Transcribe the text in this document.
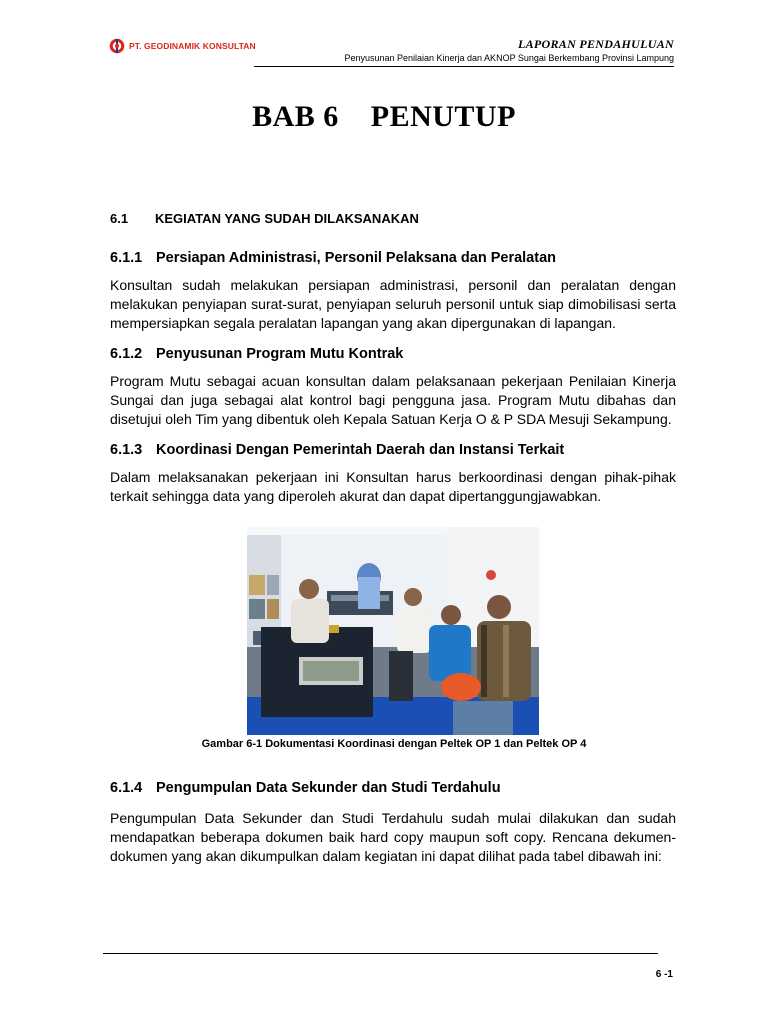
PT. GEODINAMIK KONSULTAN	LAPORAN PENDAHULUAN
Penyusunan Penilaian Kinerja dan AKNOP Sungai Berkembang Provinsi Lampung
BAB 6 PENUTUP
6.1 KEGIATAN YANG SUDAH DILAKSANAKAN
6.1.1 Persiapan Administrasi, Personil Pelaksana dan Peralatan

Konsultan sudah melakukan persiapan administrasi, personil dan peralatan dengan melakukan penyiapan surat-surat, penyiapan seluruh personil untuk siap dimobilisasi serta mempersiapkan segala peralatan lapangan yang akan dipergunakan di lapangan.

6.1.2 Penyusunan Program Mutu Kontrak

Program Mutu sebagai acuan konsultan dalam pelaksanaan pekerjaan Penilaian Kinerja Sungai dan juga sebagai alat kontrol bagi pengguna jasa. Program Mutu dibahas dan disetujui oleh Tim yang dibentuk oleh Kepala Satuan Kerja O & P SDA Mesuji Sekampung.

6.1.3 Koordinasi Dengan Pemerintah Daerah dan Instansi Terkait

Dalam melaksanakan pekerjaan ini Konsultan harus berkoordinasi dengan pihak-pihak terkait sehingga data yang diperoleh akurat dan dapat dipertanggungjawabkan.

Gambar 6-1 Dokumentasi Koordinasi dengan Peltek OP 1 dan Peltek OP 4
6.1.4 Pengumpulan Data Sekunder dan Studi Terdahulu

Pengumpulan Data Sekunder dan Studi Terdahulu sudah mulai dilakukan dan sudah mendapatkan beberapa dokumen baik hard copy maupun soft copy. Rencana dekumen-dokumen yang akan dikumpulkan dalam kegiatan ini dapat dilihat pada tabel dibawah ini:

6 -1
